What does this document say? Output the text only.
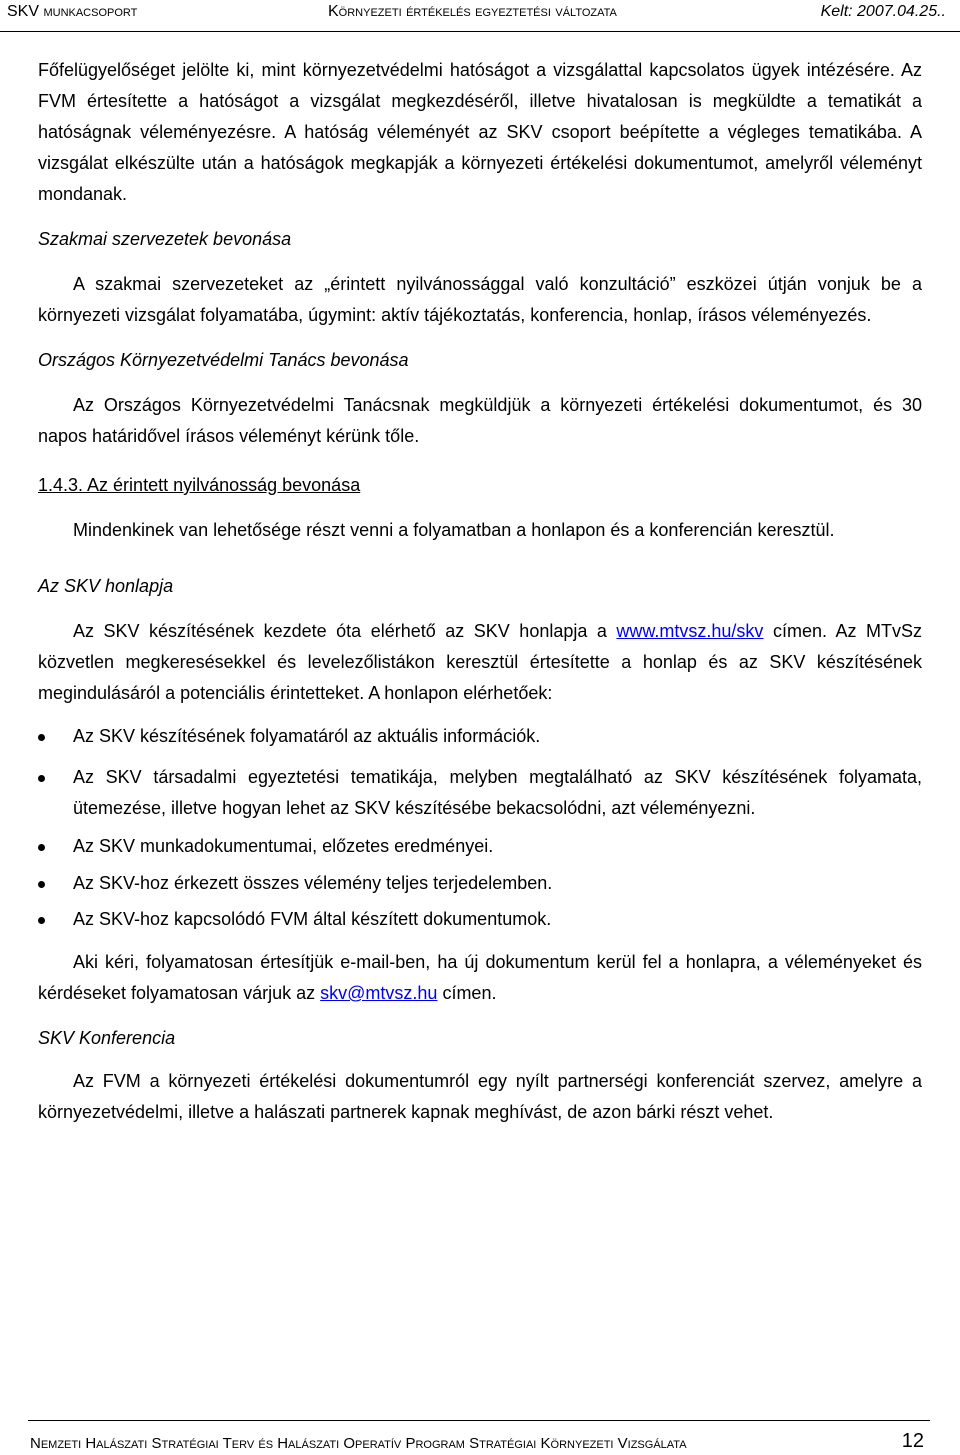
SKV munkacsoport	Környezeti értékelés egyeztetési változata	Kelt: 2007.04.25..

Főfelügyelőséget jelölte ki, mint környezetvédelmi hatóságot a vizsgálattal kapcsolatos ügyek intézésére. Az FVM értesítette a hatóságot a vizsgálat megkezdéséről, illetve hivatalosan is megküldte a tematikát a hatóságnak véleményezésre. A hatóság véleményét az SKV csoport beépítette a végleges tematikába. A vizsgálat elkészülte után a hatóságok megkapják a környezeti értékelési dokumentumot, amelyről véleményt mondanak.

Szakmai szervezetek bevonása

A szakmai szervezeteket az „érintett nyilvánossággal való konzultáció” eszközei útján vonjuk be a környezeti vizsgálat folyamatába, úgymint: aktív tájékoztatás, konferencia, honlap, írásos véleményezés.

Országos Környezetvédelmi Tanács bevonása

Az Országos Környezetvédelmi Tanácsnak megküldjük a környezeti értékelési dokumentumot, és 30 napos határidővel írásos véleményt kérünk tőle.

1.4.3. Az érintett nyilvánosság bevonása

Mindenkinek van lehetősége részt venni a folyamatban a honlapon és a konferencián keresztül.

Az SKV honlapja

Az SKV készítésének kezdete óta elérhető az SKV honlapja a www.mtvsz.hu/skv címen. Az MTvSz közvetlen megkeresésekkel és levelezőlistákon keresztül értesítette a honlap és az SKV készítésének megindulásáról a potenciális érintetteket. A honlapon elérhetőek:

Az SKV készítésének folyamatáról az aktuális információk.
Az SKV társadalmi egyeztetési tematikája, melyben megtalálható az SKV készítésének folyamata, ütemezése, illetve hogyan lehet az SKV készítésébe bekacsolódni, azt véleményezni.
Az SKV munkadokumentumai, előzetes eredményei.
Az SKV-hoz érkezett összes vélemény teljes terjedelemben.
Az SKV-hoz kapcsolódó FVM által készített dokumentumok.

Aki kéri, folyamatosan értesítjük e-mail-ben, ha új dokumentum kerül fel a honlapra, a véleményeket és kérdéseket folyamatosan várjuk az skv@mtvsz.hu címen.

SKV Konferencia

Az FVM a környezeti értékelési dokumentumról egy nyílt partnerségi konferenciát szervez, amelyre a környezetvédelmi, illetve a halászati partnerek kapnak meghívást, de azon bárki részt vehet.

Nemzeti Halászati Stratégiai Terv és Halászati Operatív Program Stratégiai Környezeti Vizsgálata	12
